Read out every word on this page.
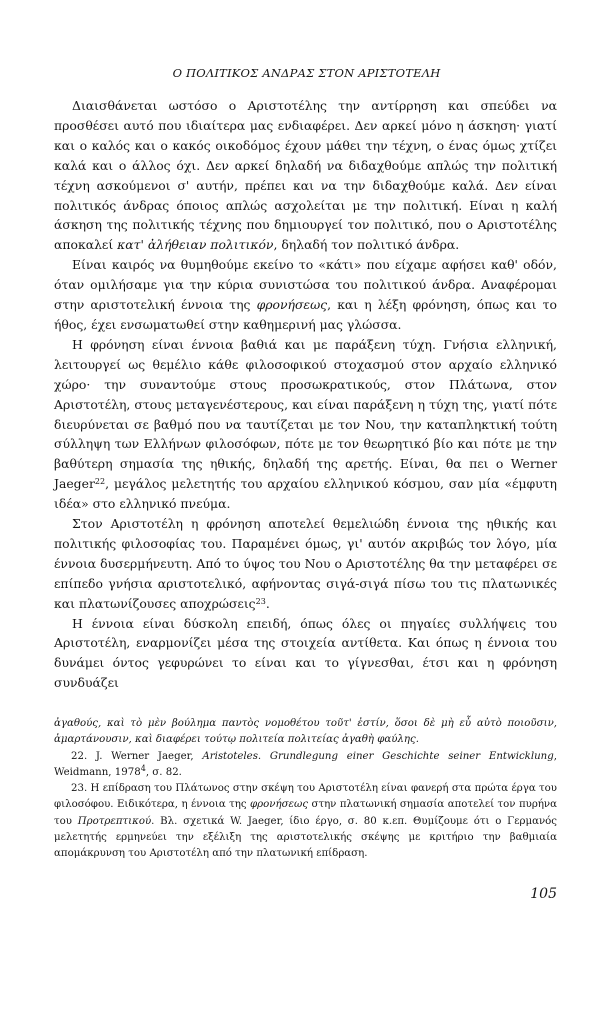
Ο ΠΟΛΙΤΙΚΟΣ ΑΝΔΡΑΣ ΣΤΟΝ ΑΡΙΣΤΟΤΕΛΗ

Διαισθάνεται ωστόσο ο Αριστοτέλης την αντίρρηση και σπεύδει να προσθέσει αυτό που ιδιαίτερα μας ενδιαφέρει. Δεν αρκεί μόνο η άσκηση· γιατί και ο καλός και ο κακός οικοδόμος έχουν μάθει την τέχνη, ο ένας όμως χτίζει καλά και ο άλλος όχι. Δεν αρκεί δηλαδή να διδαχθούμε απλώς την πολιτική τέχνη ασκούμενοι σ' αυτήν, πρέπει και να την διδαχθούμε καλά. Δεν είναι πολιτικός άνδρας όποιος απλώς ασχολείται με την πολιτική. Είναι η καλή άσκηση της πολιτικής τέχνης που δημιουργεί τον πολιτικό, που ο Αριστοτέλης αποκαλεί κατ' ἀλήθειαν πολιτικόν, δηλαδή τον πολιτικό άνδρα.

Είναι καιρός να θυμηθούμε εκείνο το «κάτι» που είχαμε αφήσει καθ' οδόν, όταν ομιλήσαμε για την κύρια συνιστώσα του πολιτικού άνδρα. Αναφέρομαι στην αριστοτελική έννοια της φρονήσεως, και η λέξη φρόνηση, όπως και το ήθος, έχει ενσωματωθεί στην καθημερινή μας γλώσσα.

Η φρόνηση είναι έννοια βαθιά και με παράξενη τύχη. Γνήσια ελληνική, λειτουργεί ως θεμέλιο κάθε φιλοσοφικού στοχασμού στον αρχαίο ελληνικό χώρο· την συναντούμε στους προσωκρατικούς, στον Πλάτωνα, στον Αριστοτέλη, στους μεταγενέστερους, και είναι παράξενη η τύχη της, γιατί πότε διευρύνεται σε βαθμό που να ταυτίζεται με τον Νου, την καταπληκτική τούτη σύλληψη των Ελλήνων φιλοσόφων, πότε με τον θεωρητικό βίο και πότε με την βαθύτερη σημασία της ηθικής, δηλαδή της αρετής. Είναι, θα πει ο Werner Jaeger$^{22}$, μεγάλος μελετητής του αρχαίου ελληνικού κόσμου, σαν μία «έμφυτη ιδέα» στο ελληνικό πνεύμα.

Στον Αριστοτέλη η φρόνηση αποτελεί θεμελιώδη έννοια της ηθικής και πολιτικής φιλοσοφίας του. Παραμένει όμως, γι' αυτόν ακριβώς τον λόγο, μία έννοια δυσερμήνευτη. Από το ύψος του Νου ο Αριστοτέλης θα την μεταφέρει σε επίπεδο γνήσια αριστοτελικό, αφήνοντας σιγά-σιγά πίσω του τις πλατωνικές και πλατωνίζουσες αποχρώσεις$^{23}$.

Η έννοια είναι δύσκολη επειδή, όπως όλες οι πηγαίες συλλήψεις του Αριστοτέλη, εναρμονίζει μέσα της στοιχεία αντίθετα. Και όπως η έννοια του δυνάμει όντος γεφυρώνει το είναι και το γίγνεσθαι, έτσι και η φρόνηση συνδυάζει

ἀγαθούς, καὶ τὸ μὲν βούλημα παντὸς νομοθέτου τοῦτ' ἐστίν, ὅσοι δὲ μὴ εὖ αὐτὸ ποιοῦσιν, ἁμαρτάνουσιν, καὶ διαφέρει τούτῳ πολιτεία πολιτείας ἀγαθὴ φαύλης.

22. J. Werner Jaeger, Aristoteles. Grundlegung einer Geschichte seiner Entwicklung, Weidmann, 1978$^4$, σ. 82.

23. Η επίδραση του Πλάτωνος στην σκέψη του Αριστοτέλη είναι φανερή στα πρώτα έργα του φιλοσόφου. Ειδικότερα, η έννοια της φρονήσεως στην πλατωνική σημασία αποτελεί τον πυρήνα του Προτρεπτικού. Βλ. σχετικά W. Jaeger, ίδιο έργο, σ. 80 κ.επ. Θυμίζουμε ότι ο Γερμανός μελετητής ερμηνεύει την εξέλιξη της αριστοτελικής σκέψης με κριτήριο την βαθμιαία απομάκρυνση του Αριστοτέλη από την πλατωνική επίδραση.

105
